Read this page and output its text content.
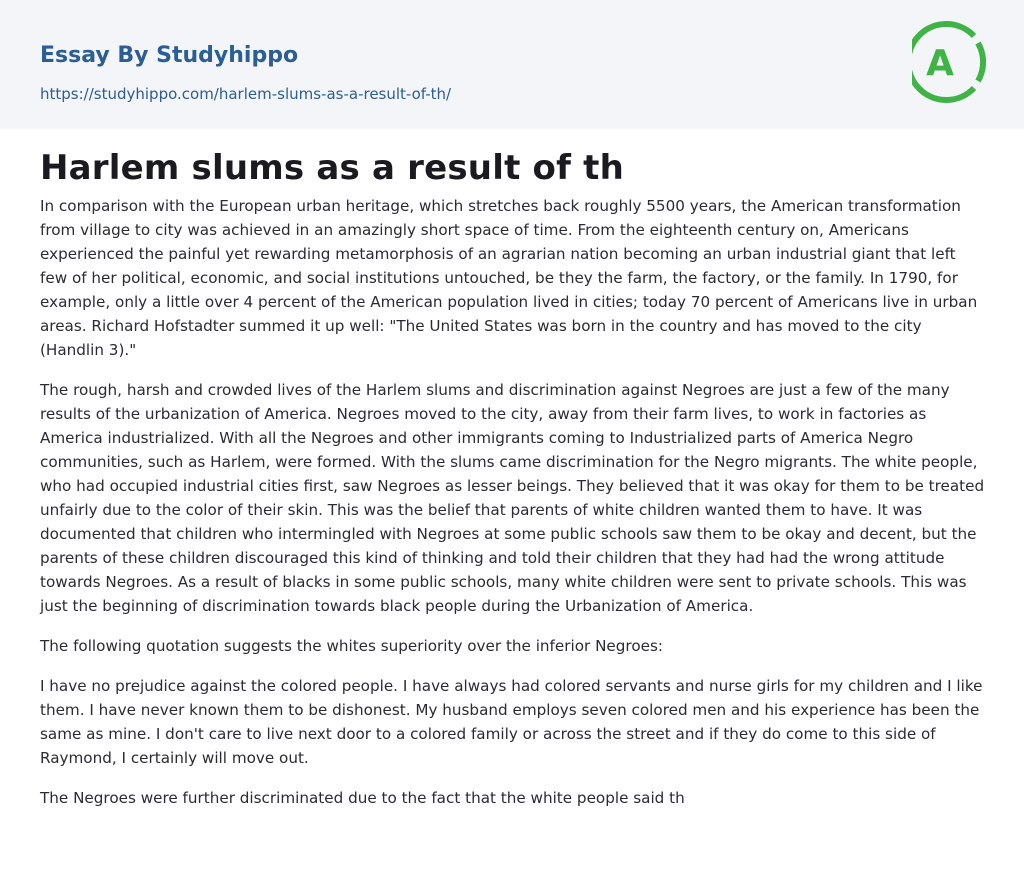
Essay By Studyhippo
https://studyhippo.com/harlem-slums-as-a-result-of-th/
A
Harlem slums as a result of th

In comparison with the European urban heritage, which stretches back roughly 5500 years, the American transformation from village to city was achieved in an amazingly short space of time. From the eighteenth century on, Americans experienced the painful yet rewarding metamorphosis of an agrarian nation becoming an urban industrial giant that left few of her political, economic, and social institutions untouched, be they the farm, the factory, or the family. In 1790, for example, only a little over 4 percent of the American population lived in cities; today 70 percent of Americans live in urban areas. Richard Hofstadter summed it up well: "The United States was born in the country and has moved to the city (Handlin 3)."

The rough, harsh and crowded lives of the Harlem slums and discrimination against Negroes are just a few of the many results of the urbanization of America. Negroes moved to the city, away from their farm lives, to work in factories as America industrialized. With all the Negroes and other immigrants coming to Industrialized parts of America Negro communities, such as Harlem, were formed. With the slums came discrimination for the Negro migrants. The white people, who had occupied industrial cities first, saw Negroes as lesser beings. They believed that it was okay for them to be treated unfairly due to the color of their skin. This was the belief that parents of white children wanted them to have. It was documented that children who intermingled with Negroes at some public schools saw them to be okay and decent, but the parents of these children discouraged this kind of thinking and told their children that they had had the wrong attitude towards Negroes. As a result of blacks in some public schools, many white children were sent to private schools. This was just the beginning of discrimination towards black people during the Urbanization of America.

The following quotation suggests the whites superiority over the inferior Negroes:

I have no prejudice against the colored people. I have always had colored servants and nurse girls for my children and I like them. I have never known them to be dishonest. My husband employs seven colored men and his experience has been the same as mine. I don't care to live next door to a colored family or across the street and if they do come to this side of Raymond, I certainly will move out.

The Negroes were further discriminated due to the fact that the white people said th
